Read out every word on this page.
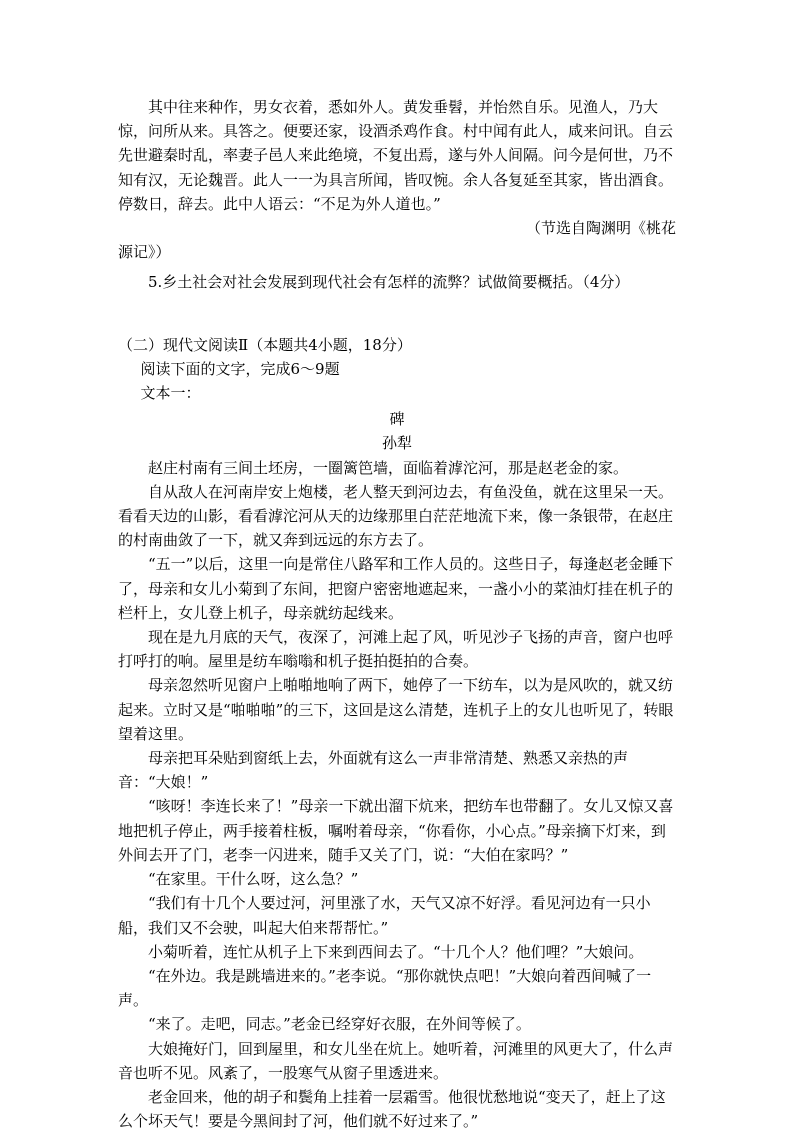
其中往来种作，男女衣着，悉如外人。黄发垂髫，并怡然自乐。见渔人，乃大惊，问所从来。具答之。便要还家，设酒杀鸡作食。村中闻有此人，咸来问讯。自云先世避秦时乱，率妻子邑人来此绝境，不复出焉，遂与外人间隔。问今是何世，乃不知有汉，无论魏晋。此人一一为具言所闻，皆叹惋。余人各复延至其家，皆出酒食。停数日，辞去。此中人语云：“不足为外人道也。”

（节选自陶渊明《桃花

源记》）

5.乡土社会对社会发展到现代社会有怎样的流弊？试做简要概括。（4分）

（二）现代文阅读Ⅱ（本题共4小题，18分）

阅读下面的文字，完成6～9题

文本一：

碑

孙犁

赵庄村南有三间土坯房，一圈篱笆墙，面临着滹沱河，那是赵老金的家。

自从敌人在河南岸安上炮楼，老人整天到河边去，有鱼没鱼，就在这里呆一天。看看天边的山影，看看滹沱河从天的边缘那里白茫茫地流下来，像一条银带，在赵庄的村南曲敛了一下，就又奔到远远的东方去了。

“五一”以后，这里一向是常住八路军和工作人员的。这些日子，每逢赵老金睡下了，母亲和女儿小菊到了东间，把窗户密密地遮起来，一盏小小的菜油灯挂在机子的栏杆上，女儿登上机子，母亲就纺起线来。

现在是九月底的天气，夜深了，河滩上起了风，听见沙子飞扬的声音，窗户也呼打呼打的响。屋里是纺车嗡嗡和机子挺拍挺拍的合奏。

母亲忽然听见窗户上啪啪地响了两下，她停了一下纺车，以为是风吹的，就又纺起来。立时又是“啪啪啪”的三下，这回是这么清楚，连机子上的女儿也听见了，转眼望着这里。

母亲把耳朵贴到窗纸上去，外面就有这么一声非常清楚、熟悉又亲热的声音：“大娘！”

“咳呀！李连长来了！”母亲一下就出溜下炕来，把纺车也带翻了。女儿又惊又喜地把机子停止，两手接着柱板，嘱咐着母亲，“你看你，小心点。”母亲摘下灯来，到外间去开了门，老李一闪进来，随手又关了门，说：“大伯在家吗？”

“在家里。干什么呀，这么急？”

“我们有十几个人要过河，河里涨了水，天气又凉不好浮。看见河边有一只小船，我们又不会驶，叫起大伯来帮帮忙。”

小菊听着，连忙从机子上下来到西间去了。“十几个人？他们哩？”大娘问。

“在外边。我是跳墙进来的。”老李说。“那你就快点吧！”大娘向着西间喊了一声。

“来了。走吧，同志。”老金已经穿好衣服，在外间等候了。

大娘掩好门，回到屋里，和女儿坐在炕上。她听着，河滩里的风更大了，什么声音也听不见。风紊了，一股寒气从窗子里透进来。

老金回来，他的胡子和鬓角上挂着一层霜雪。他很忧愁地说“变天了，赶上了这么个坏天气！要是今黑间封了河，他们就不好过来了。”
